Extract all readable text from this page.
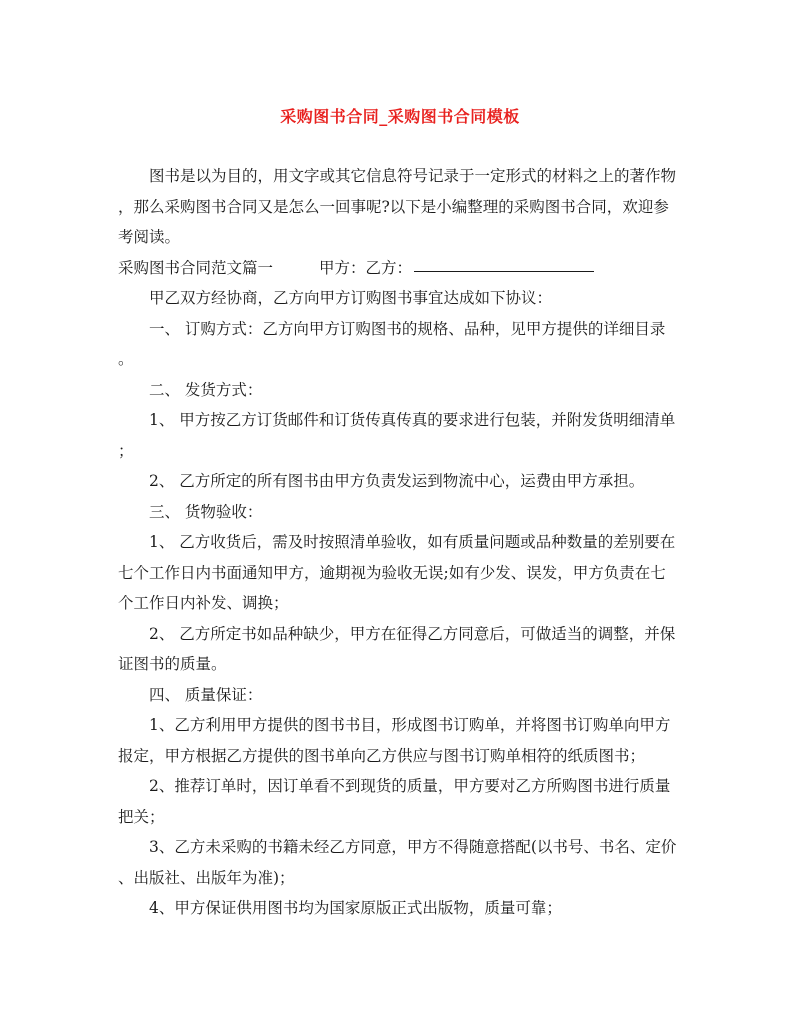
采购图书合同_采购图书合同模板

图书是以为目的，用文字或其它信息符号记录于一定形式的材料之上的著作物
，那么采购图书合同又是怎么一回事呢?以下是小编整理的采购图书合同，欢迎参
考阅读。

采购图书合同范文篇一	甲方：乙方：

甲乙双方经协商，乙方向甲方订购图书事宜达成如下协议：

一、 订购方式：乙方向甲方订购图书的规格、品种，见甲方提供的详细目录
。

二、 发货方式：

1、 甲方按乙方订货邮件和订货传真传真的要求进行包装，并附发货明细清单
；

2、 乙方所定的所有图书由甲方负责发运到物流中心，运费由甲方承担。

三、 货物验收：

1、 乙方收货后，需及时按照清单验收，如有质量问题或品种数量的差别要在
七个工作日内书面通知甲方，逾期视为验收无误;如有少发、误发，甲方负责在七
个工作日内补发、调换；

2、 乙方所定书如品种缺少，甲方在征得乙方同意后，可做适当的调整，并保
证图书的质量。

四、 质量保证：

1、乙方利用甲方提供的图书书目，形成图书订购单，并将图书订购单向甲方
报定，甲方根据乙方提供的图书单向乙方供应与图书订购单相符的纸质图书；

2、推荐订单时，因订单看不到现货的质量，甲方要对乙方所购图书进行质量
把关；

3、乙方未采购的书籍未经乙方同意，甲方不得随意搭配(以书号、书名、定价
、出版社、出版年为准)；

4、甲方保证供用图书均为国家原版正式出版物，质量可靠；
